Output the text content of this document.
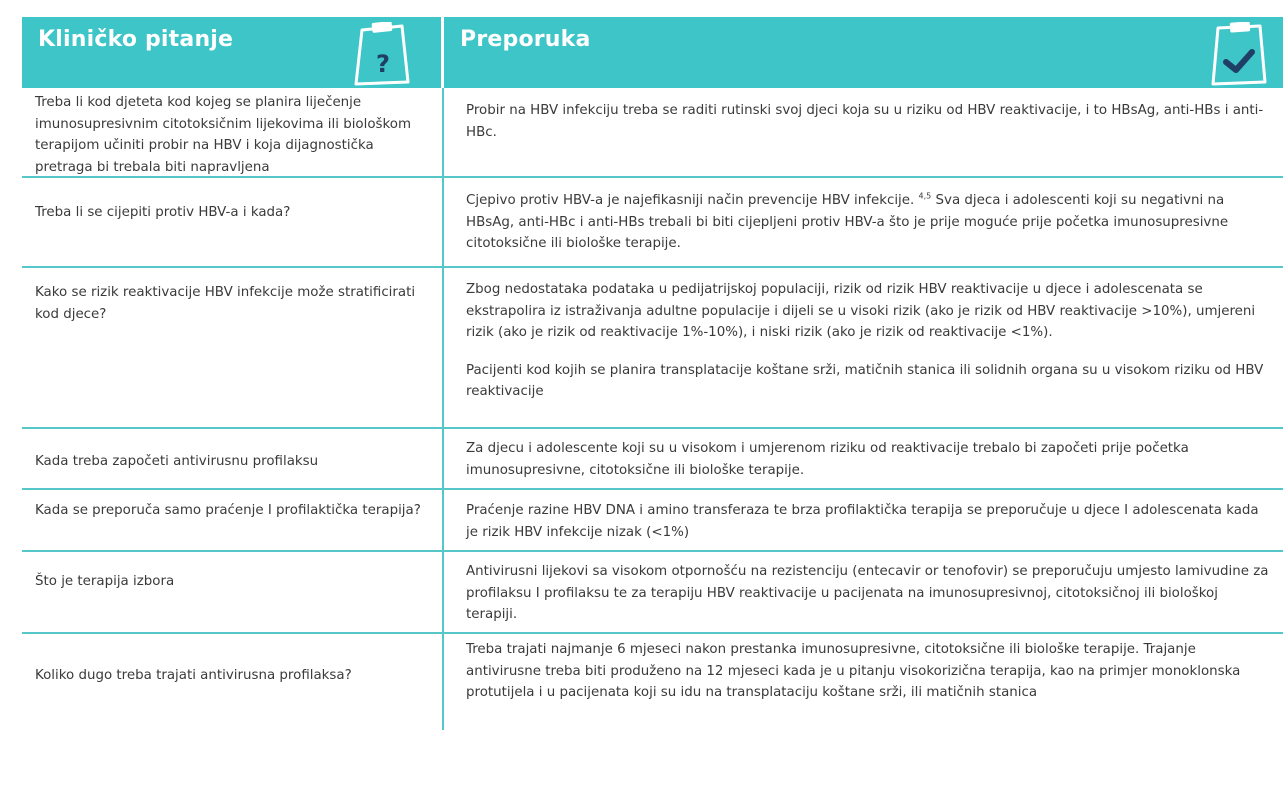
Kliničko pitanje
?
Preporuka
Treba li kod djeteta kod kojeg se planira liječenje imunosupresivnim citotoksičnim lijekovima ili biološkom terapijom učiniti probir na HBV i koja dijagnostička pretraga bi trebala biti napravljena

Probir na HBV infekciju treba se raditi rutinski svoj djeci koja su u riziku od HBV reaktivacije, i to HBsAg, anti-HBs i anti-HBc.

Treba li se cijepiti protiv HBV-a i kada?

Cjepivo protiv HBV-a je najefikasniji način prevencije HBV infekcije. $^{4,5}$ Sva djeca i adolescenti koji su negativni na HBsAg, anti-HBc i anti-HBs trebali bi biti cijepljeni protiv HBV-a što je prije moguće prije početka imunosupresivne citotoksične ili biološke terapije.

Kako se rizik reaktivacije HBV infekcije može stratificirati kod djece?

Zbog nedostataka podataka u pedijatrijskoj populaciji, rizik od rizik HBV reaktivacije u djece i adolescenata se ekstrapolira iz istraživanja adultne populacije i dijeli se u visoki rizik (ako je rizik od HBV reaktivacije >10%), umjereni rizik (ako je rizik od reaktivacije 1%-10%), i niski rizik (ako je rizik od reaktivacije <1%).

Pacijenti kod kojih se planira transplatacije koštane srži, matičnih stanica ili solidnih organa su u visokom riziku od HBV reaktivacije

Kada treba započeti antivirusnu profilaksu

Za djecu i adolescente koji su u visokom i umjerenom riziku od reaktivacije trebalo bi započeti prije početka imunosupresivne, citotoksične ili biološke terapije.

Kada se preporuča samo praćenje I profilaktička terapija?	Praćenje razine HBV DNA i amino transferaza te brza profilaktička terapija se preporučuje u djece I adolescenata kada je rizik HBV infekcije nizak (<1%)

Što je terapija izbora

Antivirusni lijekovi sa visokom otpornošću na rezistenciju (entecavir or tenofovir) se preporučuju umjesto lamivudine za profilaksu I profilaksu te za terapiju HBV reaktivacije u pacijenata na imunosupresivnoj, citotoksičnoj ili biološkoj terapiji.

Koliko dugo treba trajati antivirusna profilaksa?

Treba trajati najmanje 6 mjeseci nakon prestanka imunosupresivne, citotoksične ili biološke terapije. Trajanje antivirusne treba biti produženo na 12 mjeseci kada je u pitanju visokorizična terapija, kao na primjer monoklonska protutijela i u pacijenata koji su idu na transplataciju koštane srži, ili matičnih stanica
